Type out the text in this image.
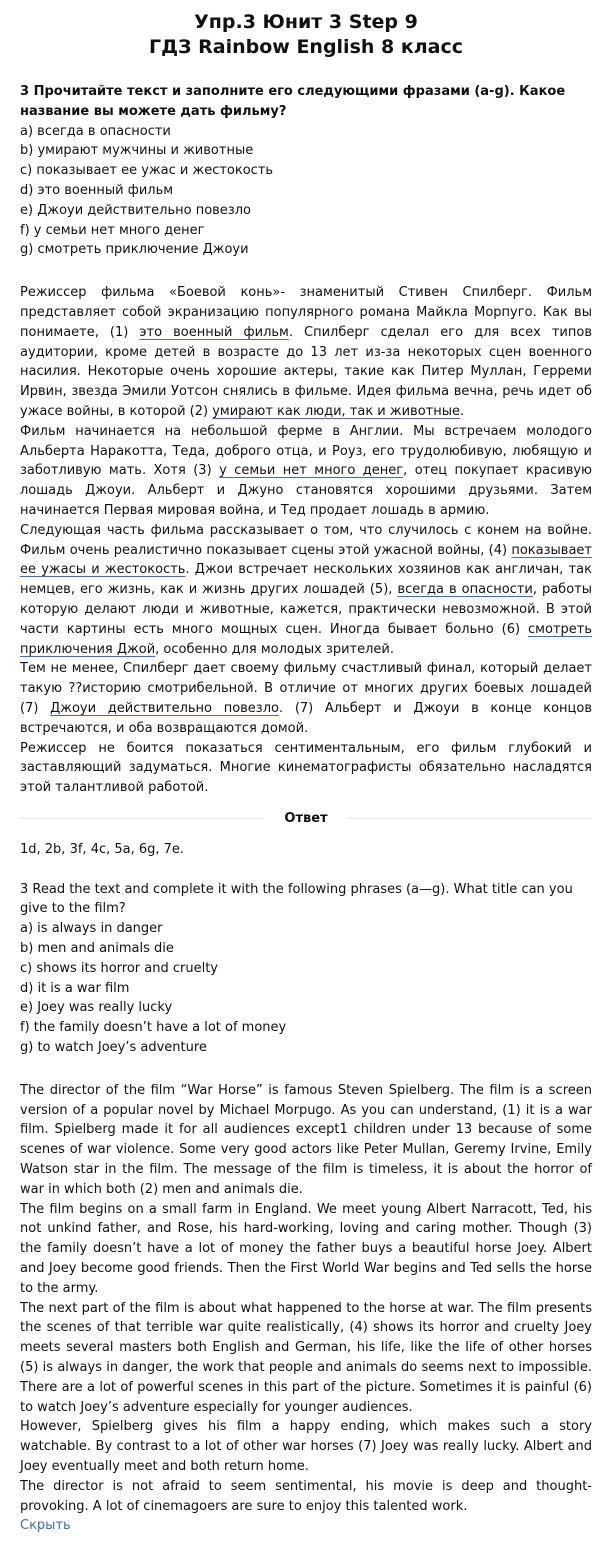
Упр.3 Юнит 3 Step 9
ГДЗ Rainbow English 8 класс
3 Прочитайте текст и заполните его следующими фразами (a-g). Какое название вы можете дать фильму?
a) всегда в опасности
b) умирают мужчины и животные
c) показывает ее ужас и жестокость
d) это военный фильм
e) Джоуи действительно повезло
f) у семьи нет много денег
g) смотреть приключение Джоуи

Режиссер фильма «Боевой конь»- знаменитый Стивен Спилберг. Фильм представляет собой экранизацию популярного романа Майкла Морпуго. Как вы понимаете, (1) это военный фильм. Спилберг сделал его для всех типов аудитории, кроме детей в возрасте до 13 лет из-за некоторых сцен военного насилия. Некоторые очень хорошие актеры, такие как Питер Муллан, Герреми Ирвин, звезда Эмили Уотсон снялись в фильме. Идея фильма вечна, речь идет об ужасе войны, в которой (2) умирают как люди, так и животные.

Фильм начинается на небольшой ферме в Англии. Мы встречаем молодого Альберта Наракотта, Теда, доброго отца, и Роуз, его трудолюбивую, любящую и заботливую мать. Хотя (3) у семьи нет много денег, отец покупает красивую лошадь Джоуи. Альберт и Джуно становятся хорошими друзьями. Затем начинается Первая мировая война, и Тед продает лошадь в армию.

Следующая часть фильма рассказывает о том, что случилось с конем на войне. Фильм очень реалистично показывает сцены этой ужасной войны, (4) показывает ее ужасы и жестокость. Джои встречает нескольких хозяинов как англичан, так немцев, его жизнь, как и жизнь других лошадей (5), всегда в опасности, работы которую делают люди и животные, кажется, практически невозможной. В этой части картины есть много мощных сцен. Иногда бывает больно (6) смотреть приключения Джой, особенно для молодых зрителей.

Тем не менее, Спилберг дает своему фильму счастливый финал, который делает такую ??историю смотрибельной. В отличие от многих других боевых лошадей (7) Джоуи действительно повезло. (7) Альберт и Джоуи в конце концов встречаются, и оба возвращаются домой.

Режиссер не боится показаться сентиментальным, его фильм глубокий и заставляющий задуматься. Многие кинематографисты обязательно насладятся этой талантливой работой.

Ответ
1d, 2b, 3f, 4c, 5a, 6g, 7e.
3 Read the text and complete it with the following phrases (a—g). What title can you give to the film?
a) is always in danger
b) men and animals die
c) shows its horror and cruelty
d) it is a war film
e) Joey was really lucky
f) the family doesn’t have a lot of money
g) to watch Joey’s adventure

The director of the film “War Horse” is famous Steven Spielberg. The film is a screen version of a popular novel by Michael Morpugo. As you can understand, (1) it is a war film. Spielberg made it for all audiences except1 children under 13 because of some scenes of war violence. Some very good actors like Peter Mullan, Geremy Irvine, Emily Watson star in the film. The message of the film is timeless, it is about the horror of war in which both (2) men and animals die.

The film begins on a small farm in England. We meet young Albert Narracott, Ted, his not unkind father, and Rose, his hard-working, loving and caring mother. Though (3) the family doesn’t have a lot of money the father buys a beautiful horse Joey. Albert and Joey become good friends. Then the First World War begins and Ted sells the horse to the army.

The next part of the film is about what happened to the horse at war. The film presents the scenes of that terrible war quite realistically, (4) shows its horror and cruelty Joey meets several masters both English and German, his life, like the life of other horses (5) is always in danger, the work that people and animals do seems next to impossible. There are a lot of powerful scenes in this part of the picture. Sometimes it is painful (6) to watch Joey’s adventure especially for younger audiences.

However, Spielberg gives his film a happy ending, which makes such a story watchable. By contrast to a lot of other war horses (7) Joey was really lucky. Albert and Joey eventually meet and both return home.

The director is not afraid to seem sentimental, his movie is deep and thought-provoking. A lot of cinemagoers are sure to enjoy this talented work.

Скрыть
